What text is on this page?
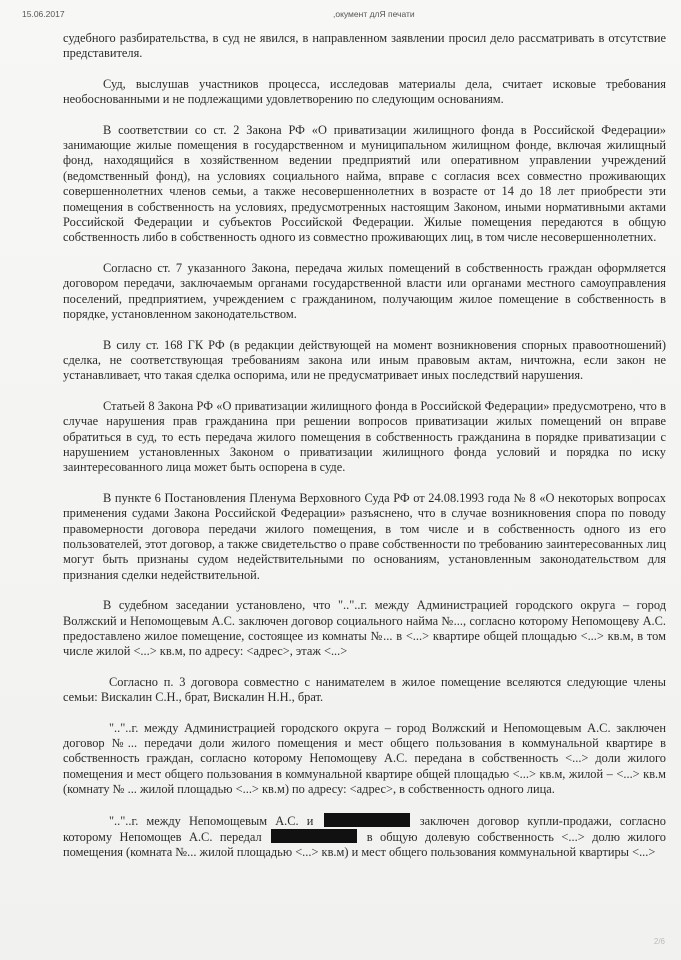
15.06.2017	,окумент длЯ печати

судебного разбирательства, в суд не явился, в направленном заявлении просил дело рассматривать в отсутствие представителя.

Суд, выслушав участников процесса, исследовав материалы дела, считает исковые требования необоснованными и не подлежащими удовлетворению по следующим основаниям.

В соответствии со ст. 2 Закона РФ «О приватизации жилищного фонда в Российской Федерации» занимающие жилые помещения в государственном и муниципальном жилищном фонде, включая жилищный фонд, находящийся в хозяйственном ведении предприятий или оперативном управлении учреждений (ведомственный фонд), на условиях социального найма, вправе с согласия всех совместно проживающих совершеннолетних членов семьи, а также несовершеннолетних в возрасте от 14 до 18 лет приобрести эти помещения в собственность на условиях, предусмотренных настоящим Законом, иными нормативными актами Российской Федерации и субъектов Российской Федерации. Жилые помещения передаются в общую собственность либо в собственность одного из совместно проживающих лиц, в том числе несовершеннолетних.

Согласно ст. 7 указанного Закона, передача жилых помещений в собственность граждан оформляется договором передачи, заключаемым органами государственной власти или органами местного самоуправления поселений, предприятием, учреждением с гражданином, получающим жилое помещение в собственность в порядке, установленном законодательством.

В силу ст. 168 ГК РФ (в редакции действующей на момент возникновения спорных правоотношений) сделка, не соответствующая требованиям закона или иным правовым актам, ничтожна, если закон не устанавливает, что такая сделка оспорима, или не предусматривает иных последствий нарушения.

Статьей 8 Закона РФ «О приватизации жилищного фонда в Российской Федерации» предусмотрено, что в случае нарушения прав гражданина при решении вопросов приватизации жилых помещений он вправе обратиться в суд, то есть передача жилого помещения в собственность гражданина в порядке приватизации с нарушением установленных Законом о приватизации жилищного фонда условий и порядка по иску заинтересованного лица может быть оспорена в суде.

В пункте 6 Постановления Пленума Верховного Суда РФ от 24.08.1993 года № 8 «О некоторых вопросах применения судами Закона Российской Федерации» разъяснено, что в случае возникновения спора по поводу правомерности договора передачи жилого помещения, в том числе и в собственность одного из его пользователей, этот договор, а также свидетельство о праве собственности по требованию заинтересованных лиц могут быть признаны судом недействительными по основаниям, установленным законодательством для признания сделки недействительной.

В судебном заседании установлено, что ".."..г. между Администрацией городского округа – город Волжский и Непомощевым А.С. заключен договор социального найма №..., согласно которому Непомощеву А.С. предоставлено жилое помещение, состоящее из комнаты №... в <...> квартире общей площадью <...> кв.м, в том числе жилой <...> кв.м, по адресу: <адрес>, этаж <...>

Согласно п. 3 договора совместно с нанимателем в жилое помещение вселяются следующие члены семьи: Вискалин С.Н., брат, Вискалин Н.Н., брат.

".."..г. между Администрацией городского округа – город Волжский и Непомощевым А.С. заключен договор №... передачи доли жилого помещения и мест общего пользования в коммунальной квартире в собственность граждан, согласно которому Непомощеву А.С. передана в собственность <...> доли жилого помещения и мест общего пользования в коммунальной квартире общей площадью <...> кв.м, жилой – <...> кв.м (комнату № ... жилой площадью <...> кв.м) по адресу: <адрес>, в собственность одного лица.

".."..г. между Непомощевым А.С. и	заключен договор купли-продажи, согласно которому Непомощев А.С. передал	в общую долевую собственность <...> долю жилого помещения (комната №... жилой площадью <...> кв.м) и мест общего пользования коммунальной квартиры <...>

2/6
